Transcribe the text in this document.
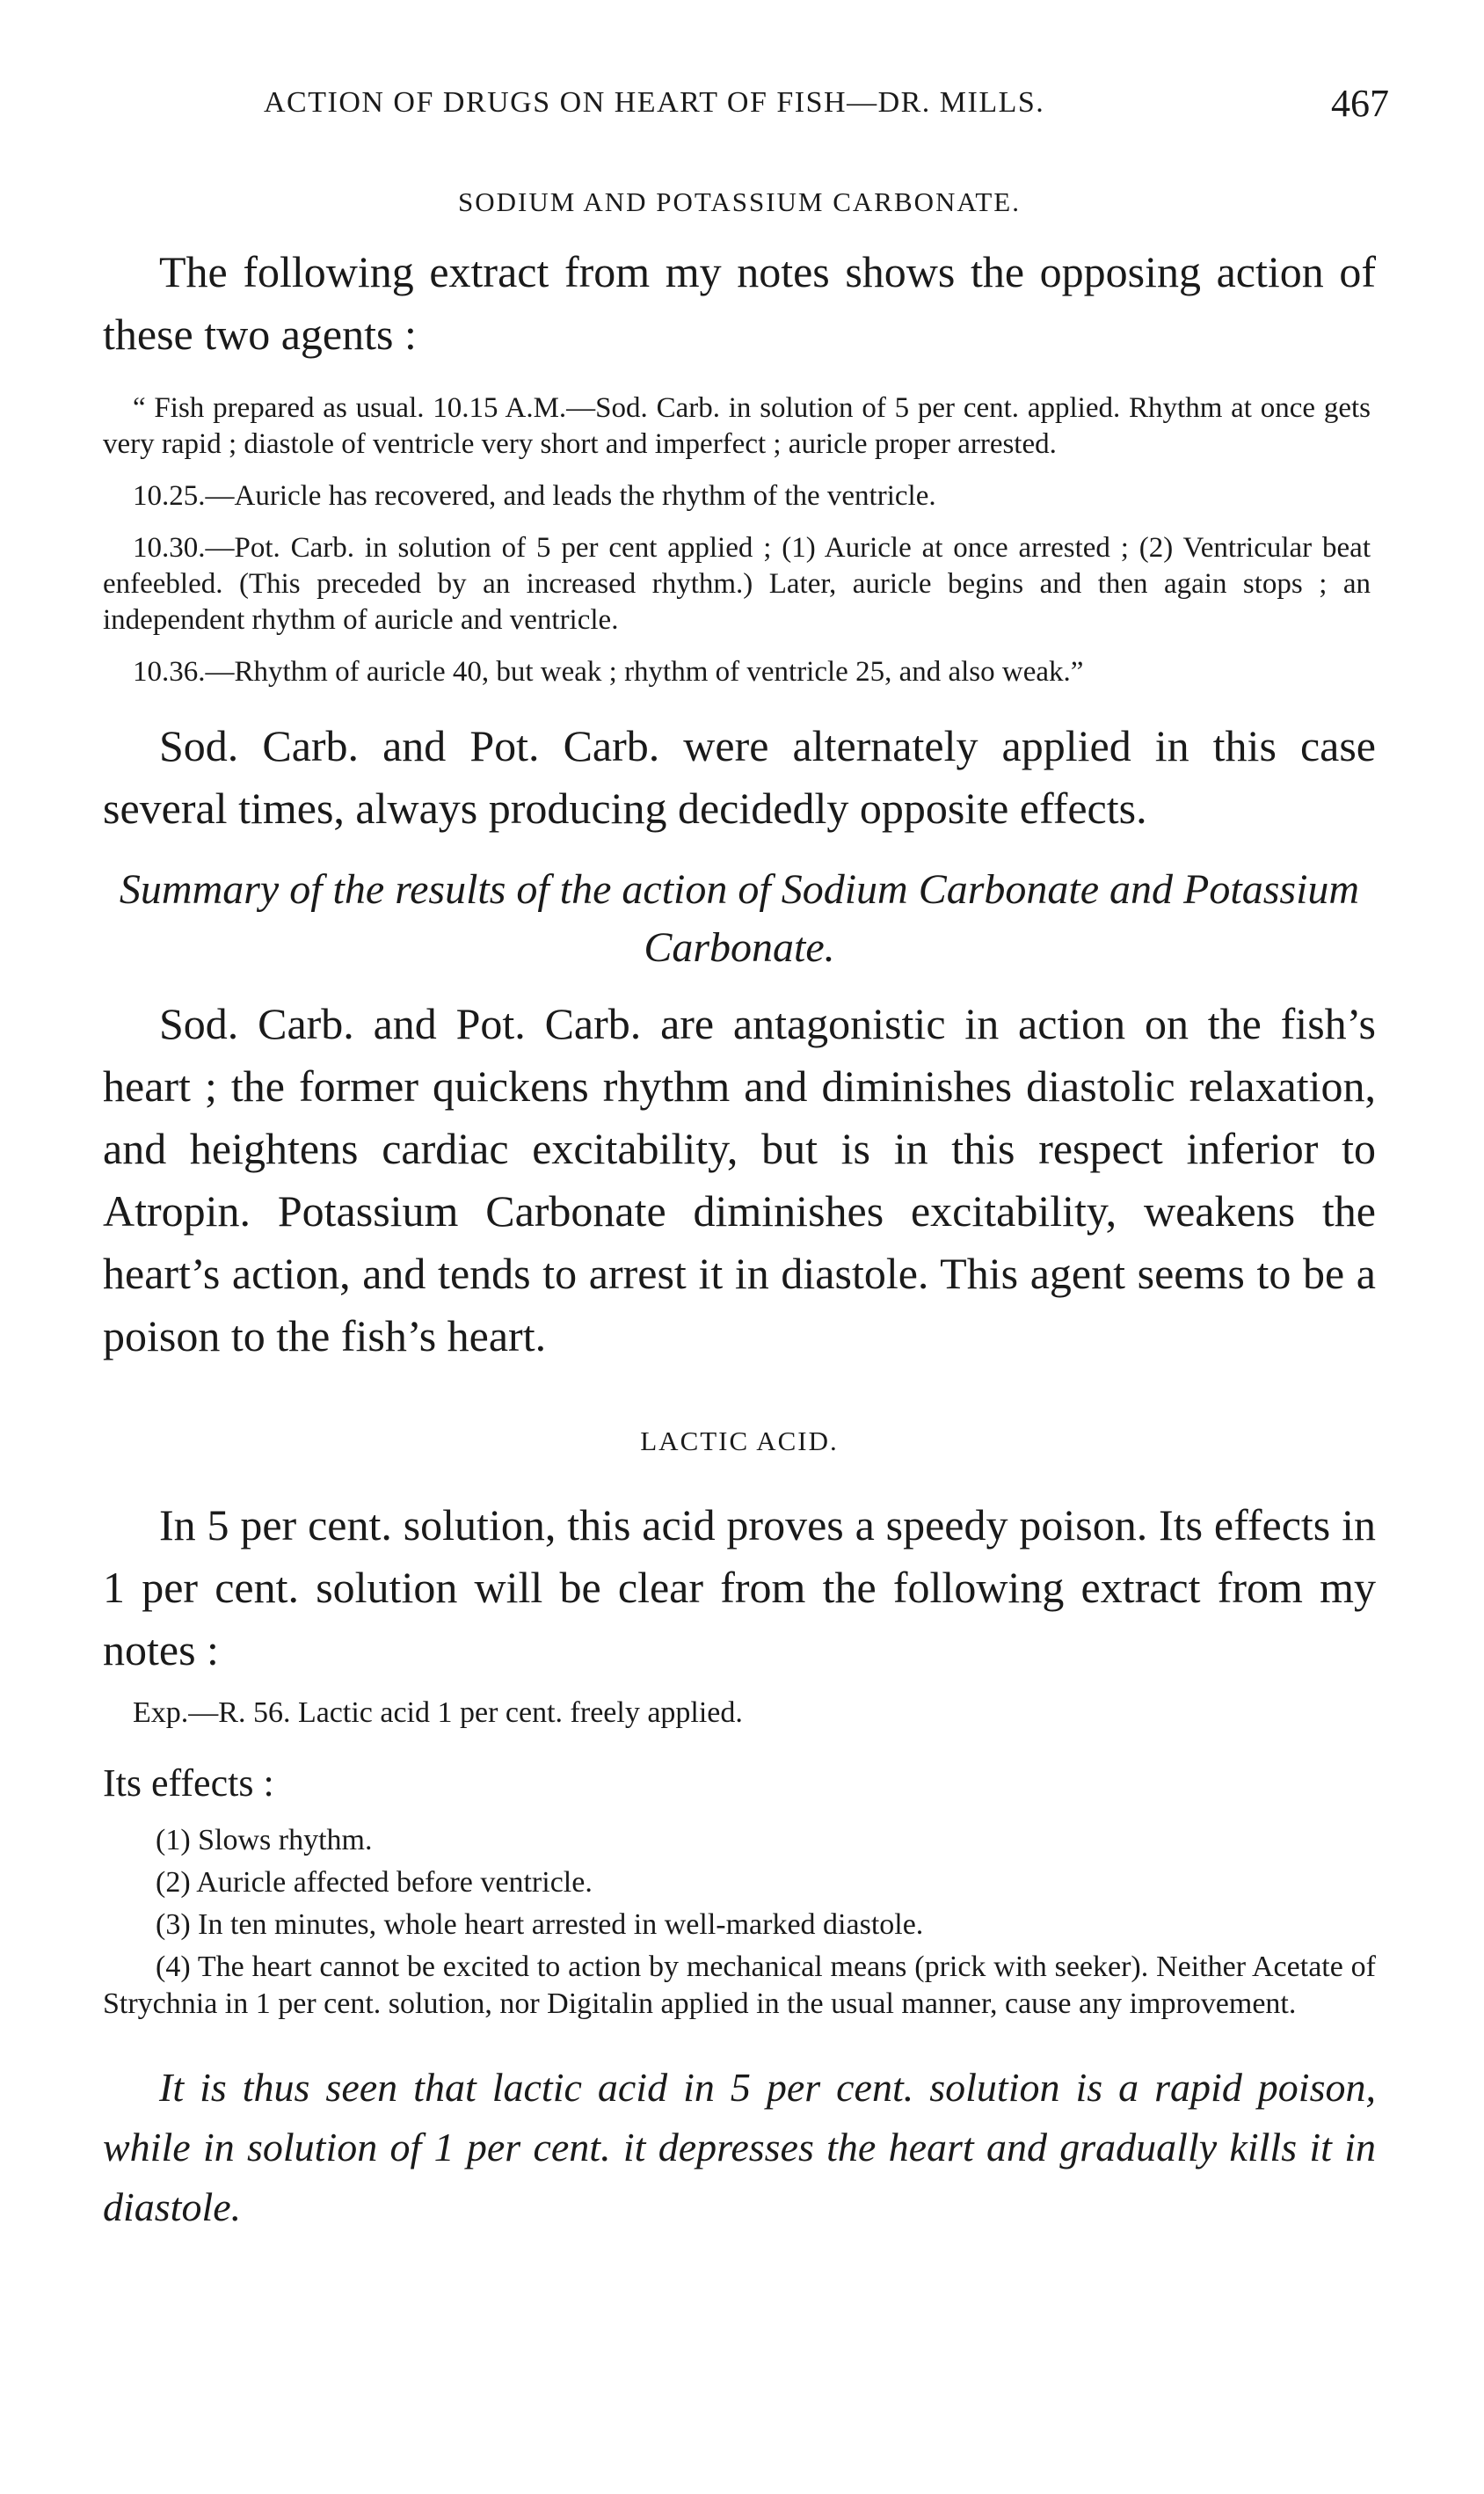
ACTION OF DRUGS ON HEART OF FISH—DR. MILLS.	467
SODIUM AND POTASSIUM CARBONATE.

The following extract from my notes shows the opposing action of these two agents :

“ Fish prepared as usual. 10.15 A.M.—Sod. Carb. in solution of 5 per cent. applied. Rhythm at once gets very rapid ; diastole of ventricle very short and imperfect ; auricle proper arrested.

10.25.—Auricle has recovered, and leads the rhythm of the ventricle.

10.30.—Pot. Carb. in solution of 5 per cent applied ; (1) Auricle at once arrested ; (2) Ventricular beat enfeebled. (This preceded by an increased rhythm.) Later, auricle begins and then again stops ; an independent rhythm of auricle and ventricle.

10.36.—Rhythm of auricle 40, but weak ; rhythm of ventricle 25, and also weak.”

Sod. Carb. and Pot. Carb. were alternately applied in this case several times, always producing decidedly opposite effects.

Summary of the results of the action of Sodium Carbonate and Potassium Carbonate.

Sod. Carb. and Pot. Carb. are antagonistic in action on the fish’s heart ; the former quickens rhythm and diminishes diastolic relaxation, and heightens cardiac excitability, but is in this respect inferior to Atropin. Potassium Carbonate diminishes excitability, weakens the heart’s action, and tends to arrest it in diastole. This agent seems to be a poison to the fish’s heart.

LACTIC ACID.

In 5 per cent. solution, this acid proves a speedy poison. Its effects in 1 per cent. solution will be clear from the following extract from my notes :

Exp.—R. 56. Lactic acid 1 per cent. freely applied.

Its effects :

(1) Slows rhythm.

(2) Auricle affected before ventricle.

(3) In ten minutes, whole heart arrested in well-marked diastole.

(4) The heart cannot be excited to action by mechanical means (prick with seeker). Neither Acetate of Strychnia in 1 per cent. solution, nor Digitalin applied in the usual manner, cause any improvement.

It is thus seen that lactic acid in 5 per cent. solution is a rapid poison, while in solution of 1 per cent. it depresses the heart and gradually kills it in diastole.
